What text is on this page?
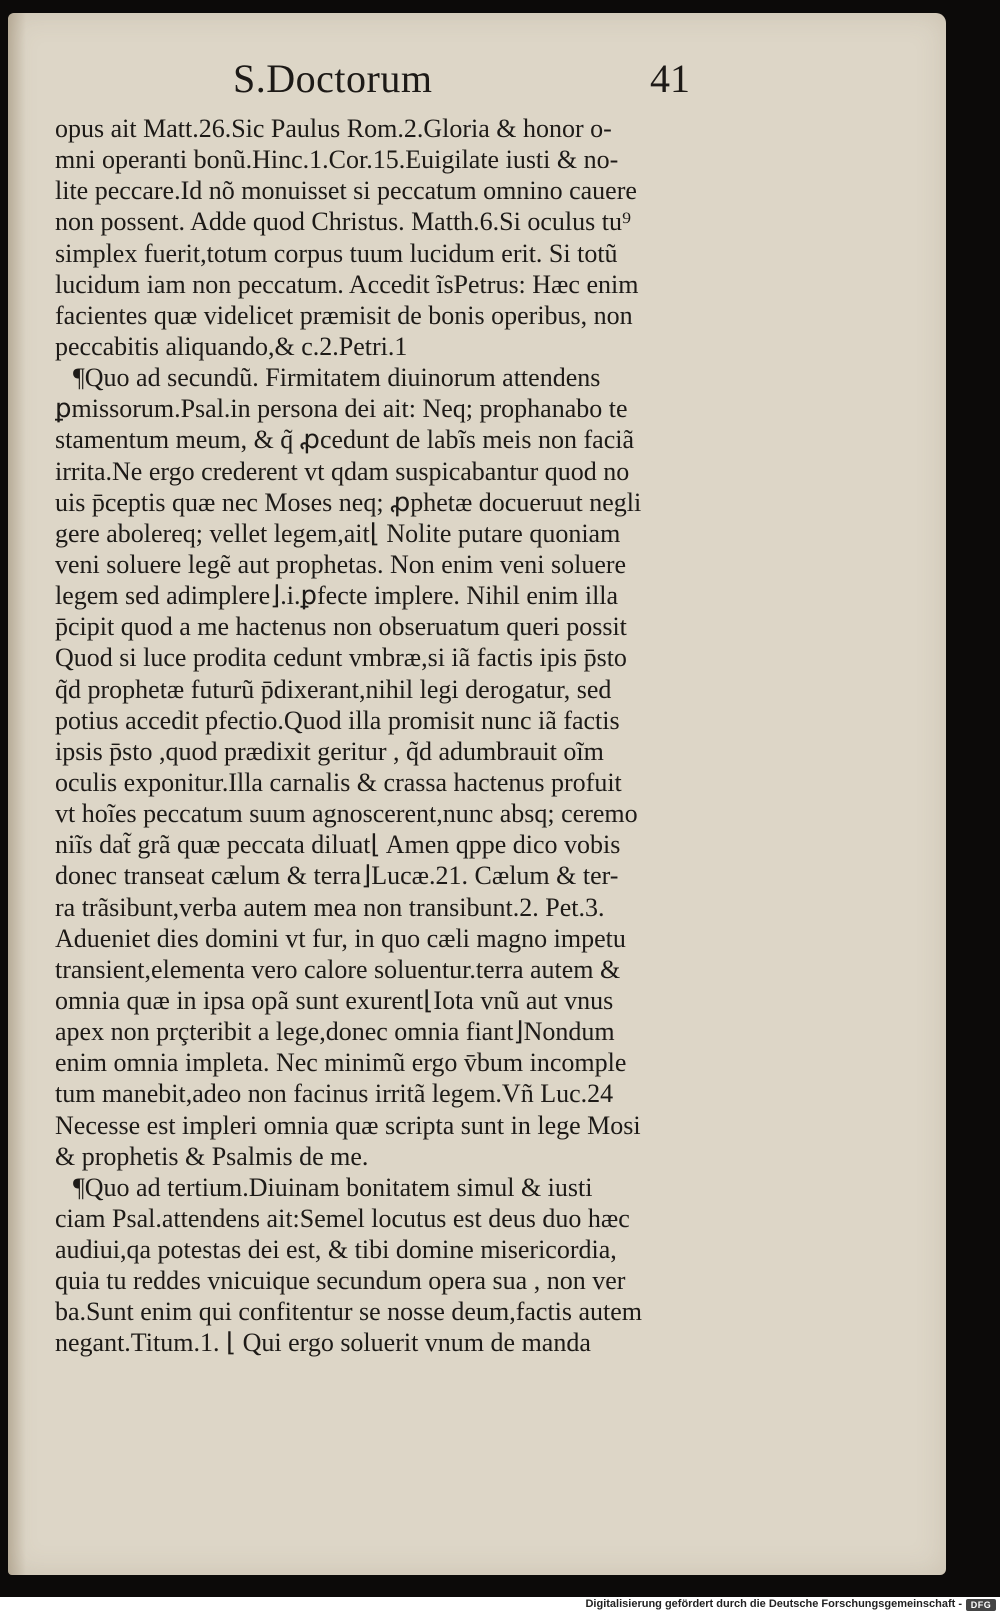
S.Doctorum	41
opus ait Matt.26.Sic Paulus Rom.2.Gloria & honor o-
mni operanti bonũ.Hinc.1.Cor.15.Euigilate iusti & no-
lite peccare.Id nõ monuisset si peccatum omnino cauere
non possent. Adde quod Christus. Matth.6.Si oculus tu⁹
simplex fuerit,totum corpus tuum lucidum erit. Si totũ
lucidum iam non peccatum. Accedit ĩsPetrus: Hæc enim
facientes quæ videlicet præmisit de bonis operibus, non
peccabitis aliquando,& c.2.Petri.1
¶Quo ad secundũ. Firmitatem diuinorum attendens
ꝑmissorum.Psal.in persona dei ait: Neq; prophanabo te
stamentum meum, & q̃ ꝓcedunt de labĩs meis non faciã
irrita.Ne ergo crederent vt qdam suspicabantur quod no
uis p̄ceptis quæ nec Moses neq; ꝓphetæ docueruut negli
gere abolereq; vellet legem,ait⌊ Nolite putare quoniam
veni soluere legẽ aut prophetas. Non enim veni soluere
legem sed adimplere⌋.i.ꝑfecte implere. Nihil enim illa
p̄cipit quod a me hactenus non obseruatum queri possit
Quod si luce prodita cedunt vmbræ,si iã factis ipis p̄sto
q̃d prophetæ futurũ p̄dixerant,nihil legi derogatur, sed
potius accedit pfectio.Quod illa promisit nunc iã factis
ipsis p̄sto ,quod prædixit geritur , q̃d adumbrauit oĩm
oculis exponitur.Illa carnalis & crassa hactenus profuit
vt hoĩes peccatum suum agnoscerent,nunc absq; ceremo
niĩs dat̃ grã quæ peccata diluat⌊ Amen qppe dico vobis
donec transeat cælum & terra⌋Lucæ.21. Cælum & ter-
ra trãsibunt,verba autem mea non transibunt.2. Pet.3.
Adueniet dies domini vt fur, in quo cæli magno impetu
transient,elementa vero calore soluentur.terra autem &
omnia quæ in ipsa opã sunt exurent⌊Iota vnũ aut vnus
apex non prçteribit a lege,donec omnia fiant⌋Nondum
enim omnia impleta. Nec minimũ ergo v̄bum incomple
tum manebit,adeo non facinus irritã legem.Vñ Luc.24
Necesse est impleri omnia quæ scripta sunt in lege Mosi
& prophetis & Psalmis de me.
¶Quo ad tertium.Diuinam bonitatem simul & iusti
ciam Psal.attendens ait:Semel locutus est deus duo hæc
audiui,qa potestas dei est, & tibi domine misericordia,
quia tu reddes vnicuique secundum opera sua , non ver
ba.Sunt enim qui confitentur se nosse deum,factis autem
negant.Titum.1. ⌊ Qui ergo soluerit vnum de manda
Digitalisierung gefördert durch die Deutsche Forschungsgemeinschaft - DFG
